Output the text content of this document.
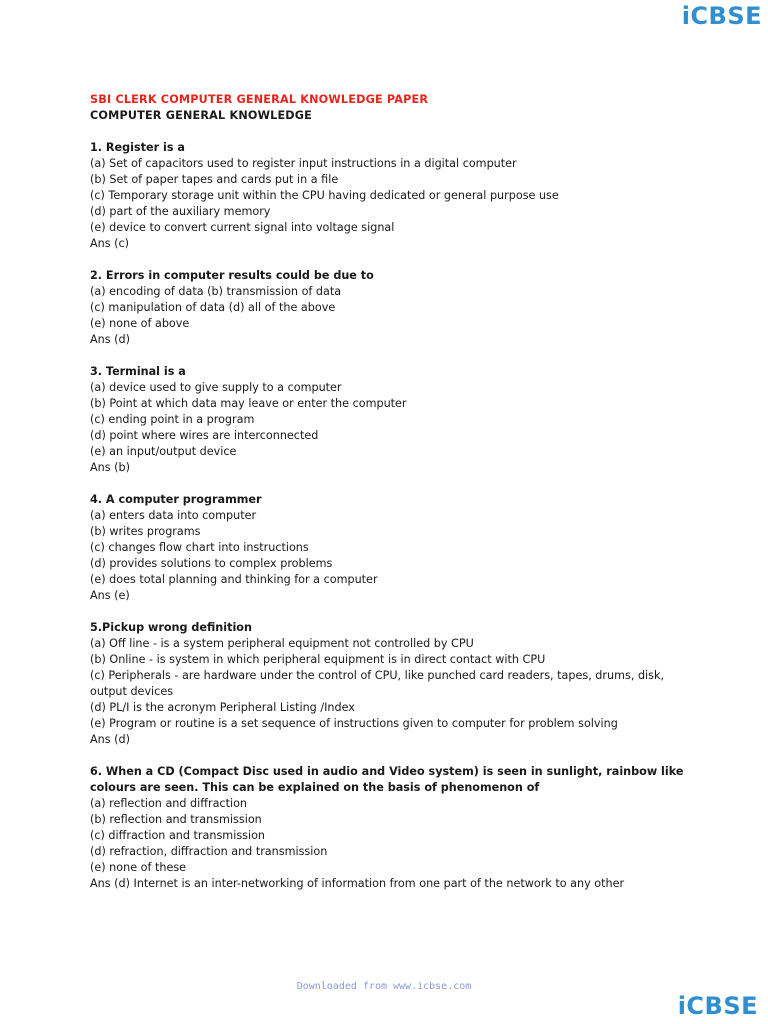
iCBSE
SBI CLERK COMPUTER GENERAL KNOWLEDGE PAPER
COMPUTER GENERAL KNOWLEDGE
1. Register is a
(a) Set of capacitors used to register input instructions in a digital computer
(b) Set of paper tapes and cards put in a file
(c) Temporary storage unit within the CPU having dedicated or general purpose use
(d) part of the auxiliary memory
(e) device to convert current signal into voltage signal
Ans (c)
2. Errors in computer results could be due to
(a) encoding of data (b) transmission of data
(c) manipulation of data (d) all of the above
(e) none of above
Ans (d)
3. Terminal is a
(a) device used to give supply to a computer
(b) Point at which data may leave or enter the computer
(c) ending point in a program
(d) point where wires are interconnected
(e) an input/output device
Ans (b)
4. A computer programmer
(a) enters data into computer
(b) writes programs
(c) changes flow chart into instructions
(d) provides solutions to complex problems
(e) does total planning and thinking for a computer
Ans (e)
5.Pickup wrong definition
(a) Off line - is a system peripheral equipment not controlled by CPU
(b) Online - is system in which peripheral equipment is in direct contact with CPU
(c) Peripherals - are hardware under the control of CPU, like punched card readers, tapes, drums, disk, output devices
(d) PL/I is the acronym Peripheral Listing /Index
(e) Program or routine is a set sequence of instructions given to computer for problem solving
Ans (d)
6. When a CD (Compact Disc used in audio and Video system) is seen in sunlight, rainbow like colours are seen. This can be explained on the basis of phenomenon of
(a) reflection and diffraction
(b) reflection and transmission
(c) diffraction and transmission
(d) refraction, diffraction and transmission
(e) none of these
Ans (d) Internet is an inter-networking of information from one part of the network to any other
Downloaded from www.icbse.com
iCBSE
